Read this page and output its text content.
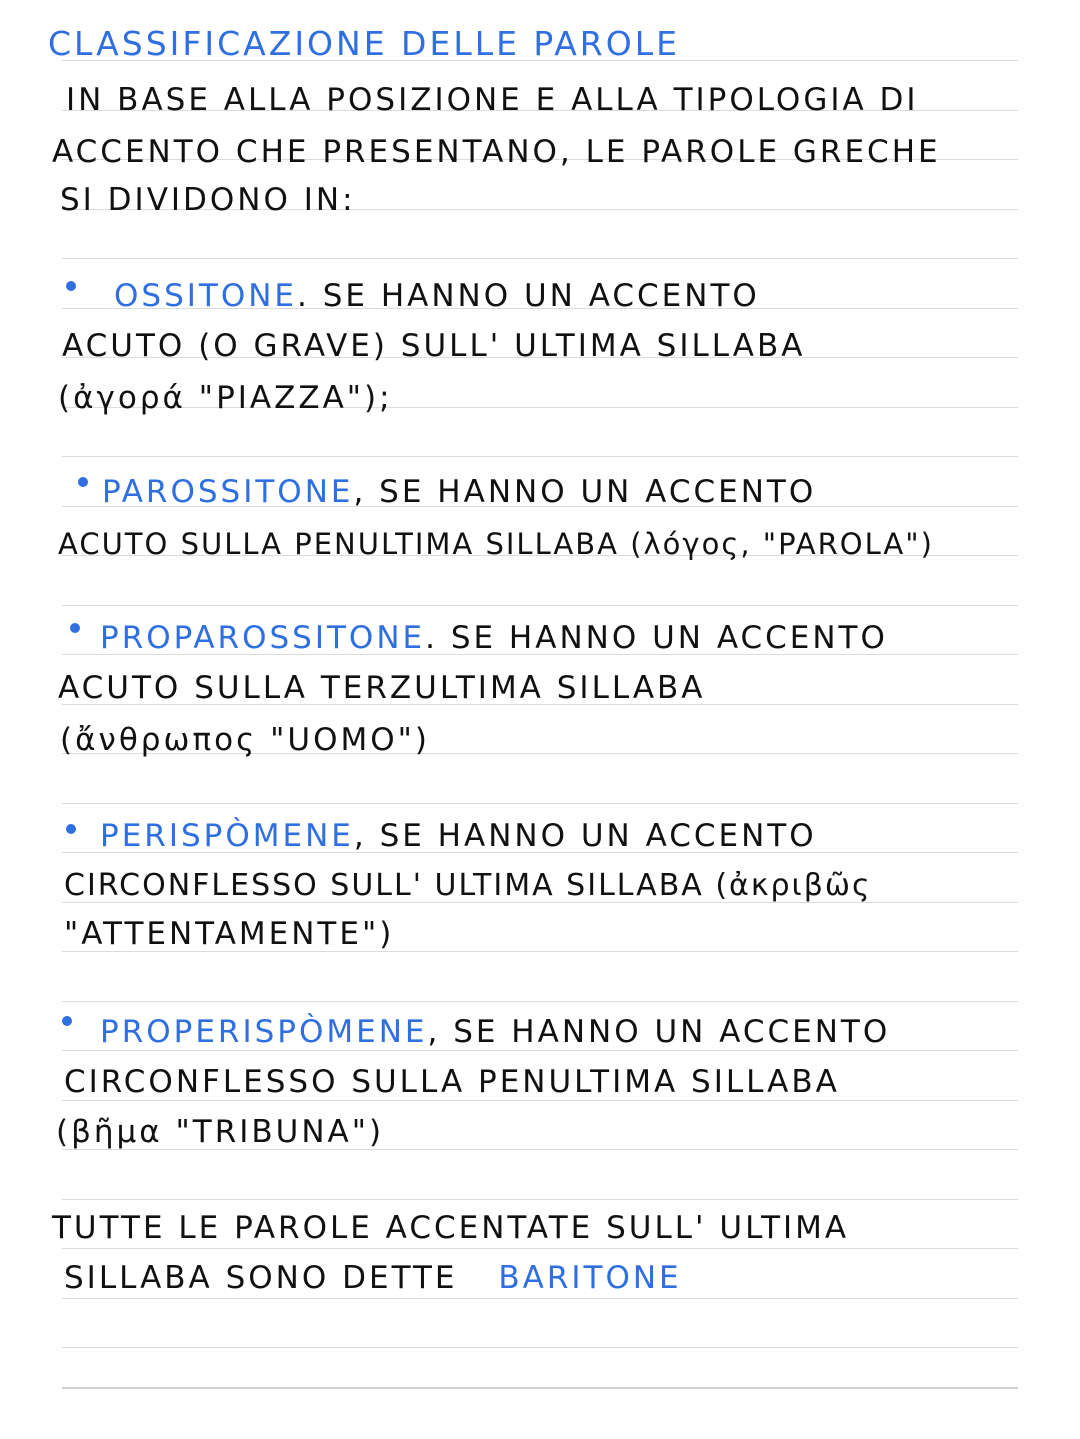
CLASSIFICAZIONE DELLE PAROLE
IN BASE ALLA POSIZIONE E ALLA TIPOLOGIA DI
ACCENTO CHE PRESENTANO, LE PAROLE GRECHE
SI DIVIDONO IN:
OSSITONE. SE HANNO UN ACCENTO
ACUTO (O GRAVE) SULL' ULTIMA SILLABA
(ἀγορά "PIAZZA");
PAROSSITONE, SE HANNO UN ACCENTO
ACUTO SULLA PENULTIMA SILLABA (λόγος, "PAROLA")
PROPAROSSITONE. SE HANNO UN ACCENTO
ACUTO SULLA TERZULTIMA SILLABA
(ἄνθρωπος "UOMO")
PERISPÒMENE, SE HANNO UN ACCENTO
CIRCONFLESSO SULL' ULTIMA SILLABA (ἀκριβῶς
"ATTENTAMENTE")
PROPERISPÒMENE, SE HANNO UN ACCENTO
CIRCONFLESSO SULLA PENULTIMA SILLABA
(βῆμα "TRIBUNA")
TUTTE LE PAROLE ACCENTATE SULL' ULTIMA
SILLABA SONO DETTE BARITONE
